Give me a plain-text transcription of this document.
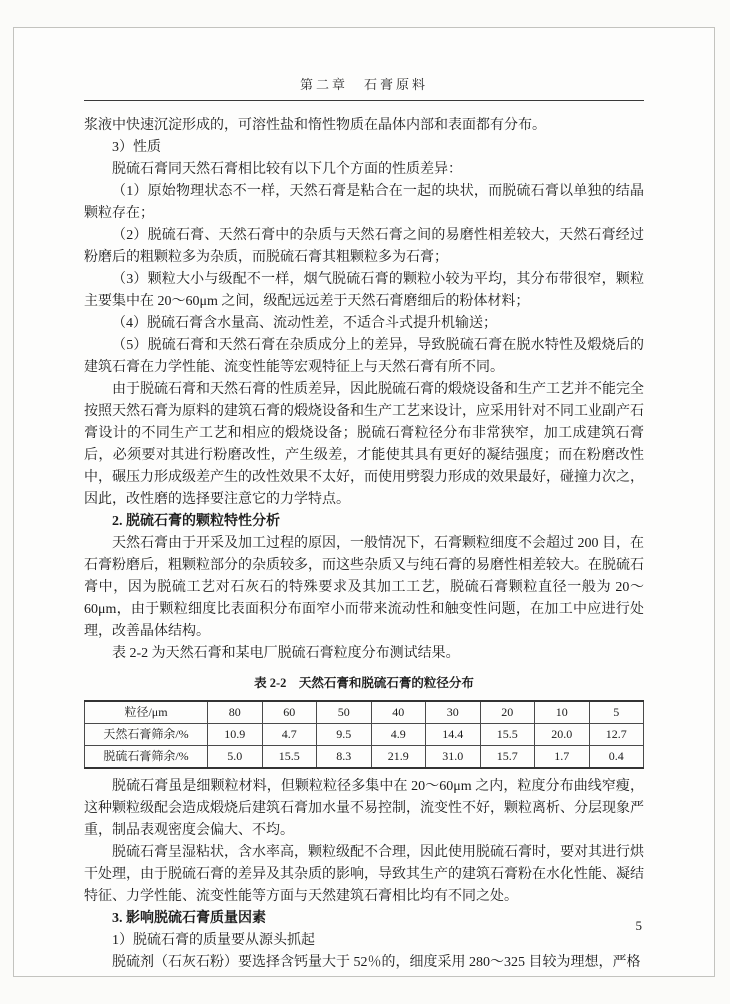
第二章　石膏原料

浆液中快速沉淀形成的，可溶性盐和惰性物质在晶体内部和表面都有分布。

3）性质

脱硫石膏同天然石膏相比较有以下几个方面的性质差异：

（1）原始物理状态不一样，天然石膏是粘合在一起的块状，而脱硫石膏以单独的结晶颗粒存在；

（2）脱硫石膏、天然石膏中的杂质与天然石膏之间的易磨性相差较大，天然石膏经过粉磨后的粗颗粒多为杂质，而脱硫石膏其粗颗粒多为石膏；

（3）颗粒大小与级配不一样，烟气脱硫石膏的颗粒小较为平均，其分布带很窄，颗粒主要集中在 20～60μm 之间，级配远远差于天然石膏磨细后的粉体材料；

（4）脱硫石膏含水量高、流动性差，不适合斗式提升机输送；

（5）脱硫石膏和天然石膏在杂质成分上的差异，导致脱硫石膏在脱水特性及煅烧后的建筑石膏在力学性能、流变性能等宏观特征上与天然石膏有所不同。

由于脱硫石膏和天然石膏的性质差异，因此脱硫石膏的煅烧设备和生产工艺并不能完全按照天然石膏为原料的建筑石膏的煅烧设备和生产工艺来设计，应采用针对不同工业副产石膏设计的不同生产工艺和相应的煅烧设备；脱硫石膏粒径分布非常狭窄，加工成建筑石膏后，必须要对其进行粉磨改性，产生级差，才能使其具有更好的凝结强度；而在粉磨改性中，碾压力形成级差产生的改性效果不太好，而使用劈裂力形成的效果最好，碰撞力次之，因此，改性磨的选择要注意它的力学特点。

2. 脱硫石膏的颗粒特性分析

天然石膏由于开采及加工过程的原因，一般情况下，石膏颗粒细度不会超过 200 目，在石膏粉磨后，粗颗粒部分的杂质较多，而这些杂质又与纯石膏的易磨性相差较大。在脱硫石膏中，因为脱硫工艺对石灰石的特殊要求及其加工工艺，脱硫石膏颗粒直径一般为 20～60μm，由于颗粒细度比表面积分布面窄小而带来流动性和触变性问题，在加工中应进行处理，改善晶体结构。

表 2-2 为天然石膏和某电厂脱硫石膏粒度分布测试结果。

表 2-2　天然石膏和脱硫石膏的粒径分布
粒径/μm	80	60	50	40	30	20	10	5
天然石膏筛余/%	10.9	4.7	9.5	4.9	14.4	15.5	20.0	12.7
脱硫石膏筛余/%	5.0	15.5	8.3	21.9	31.0	15.7	1.7	0.4

脱硫石膏虽是细颗粒材料，但颗粒粒径多集中在 20～60μm 之内，粒度分布曲线窄瘦，这种颗粒级配会造成煅烧后建筑石膏加水量不易控制，流变性不好，颗粒离析、分层现象严重，制品表观密度会偏大、不均。

脱硫石膏呈湿粘状，含水率高，颗粒级配不合理，因此使用脱硫石膏时，要对其进行烘干处理，由于脱硫石膏的差异及其杂质的影响，导致其生产的建筑石膏粉在水化性能、凝结特征、力学性能、流变性能等方面与天然建筑石膏相比均有不同之处。

3. 影响脱硫石膏质量因素

1）脱硫石膏的质量要从源头抓起

脱硫剂（石灰石粉）要选择含钙量大于 52％的，细度采用 280～325 目较为理想，严格

5
